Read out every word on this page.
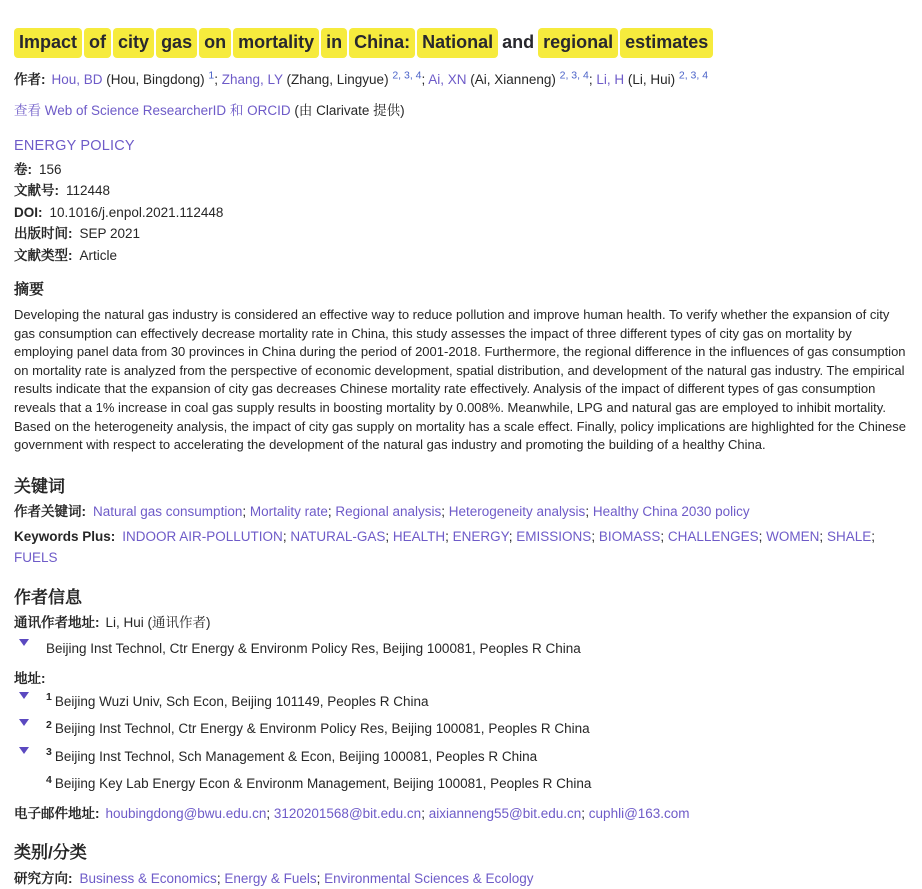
Impact of city gas on mortality in China: National and regional estimates
作者: Hou, BD (Hou, Bingdong) $^1$; Zhang, LY (Zhang, Lingyue) $^{2, 3, 4}$; Ai, XN (Ai, Xianneng) $^{2, 3, 4}$; Li, H (Li, Hui) $^{2, 3, 4}$
查看 Web of Science ResearcherID 和 ORCID (由 Clarivate 提供)
ENERGY POLICY
卷: 156
文献号: 112448
DOI: 10.1016/j.enpol.2021.112448
出版时间: SEP 2021
文献类型: Article
摘要

Developing the natural gas industry is considered an effective way to reduce pollution and improve human health. To verify whether the expansion of city gas consumption can effectively decrease mortality rate in China, this study assesses the impact of three different types of city gas on mortality by employing panel data from 30 provinces in China during the period of 2001-2018. Furthermore, the regional difference in the influences of gas consumption on mortality rate is analyzed from the perspective of economic development, spatial distribution, and development of the natural gas industry. The empirical results indicate that the expansion of city gas decreases Chinese mortality rate effectively. Analysis of the impact of different types of gas consumption reveals that a 1% increase in coal gas supply results in boosting mortality by 0.008%. Meanwhile, LPG and natural gas are employed to inhibit mortality. Based on the heterogeneity analysis, the impact of city gas supply on mortality has a scale effect. Finally, policy implications are highlighted for the Chinese government with respect to accelerating the development of the natural gas industry and promoting the building of a healthy China.

关键词
作者关键词: Natural gas consumption; Mortality rate; Regional analysis; Heterogeneity analysis; Healthy China 2030 policy
Keywords Plus: INDOOR AIR-POLLUTION; NATURAL-GAS; HEALTH; ENERGY; EMISSIONS; BIOMASS; CHALLENGES; WOMEN; SHALE; FUELS
作者信息
通讯作者地址: Li, Hui (通讯作者)
Beijing Inst Technol, Ctr Energy & Environm Policy Res, Beijing 100081, Peoples R China
地址:
$^1$ Beijing Wuzi Univ, Sch Econ, Beijing 101149, Peoples R China
$^2$ Beijing Inst Technol, Ctr Energy & Environm Policy Res, Beijing 100081, Peoples R China
$^3$ Beijing Inst Technol, Sch Management & Econ, Beijing 100081, Peoples R China
$^4$ Beijing Key Lab Energy Econ & Environm Management, Beijing 100081, Peoples R China
电子邮件地址: houbingdong@bwu.edu.cn; 3120201568@bit.edu.cn; aixianneng55@bit.edu.cn; cuphli@163.com
类别/分类
研究方向: Business & Economics; Energy & Fuels; Environmental Sciences & Ecology
